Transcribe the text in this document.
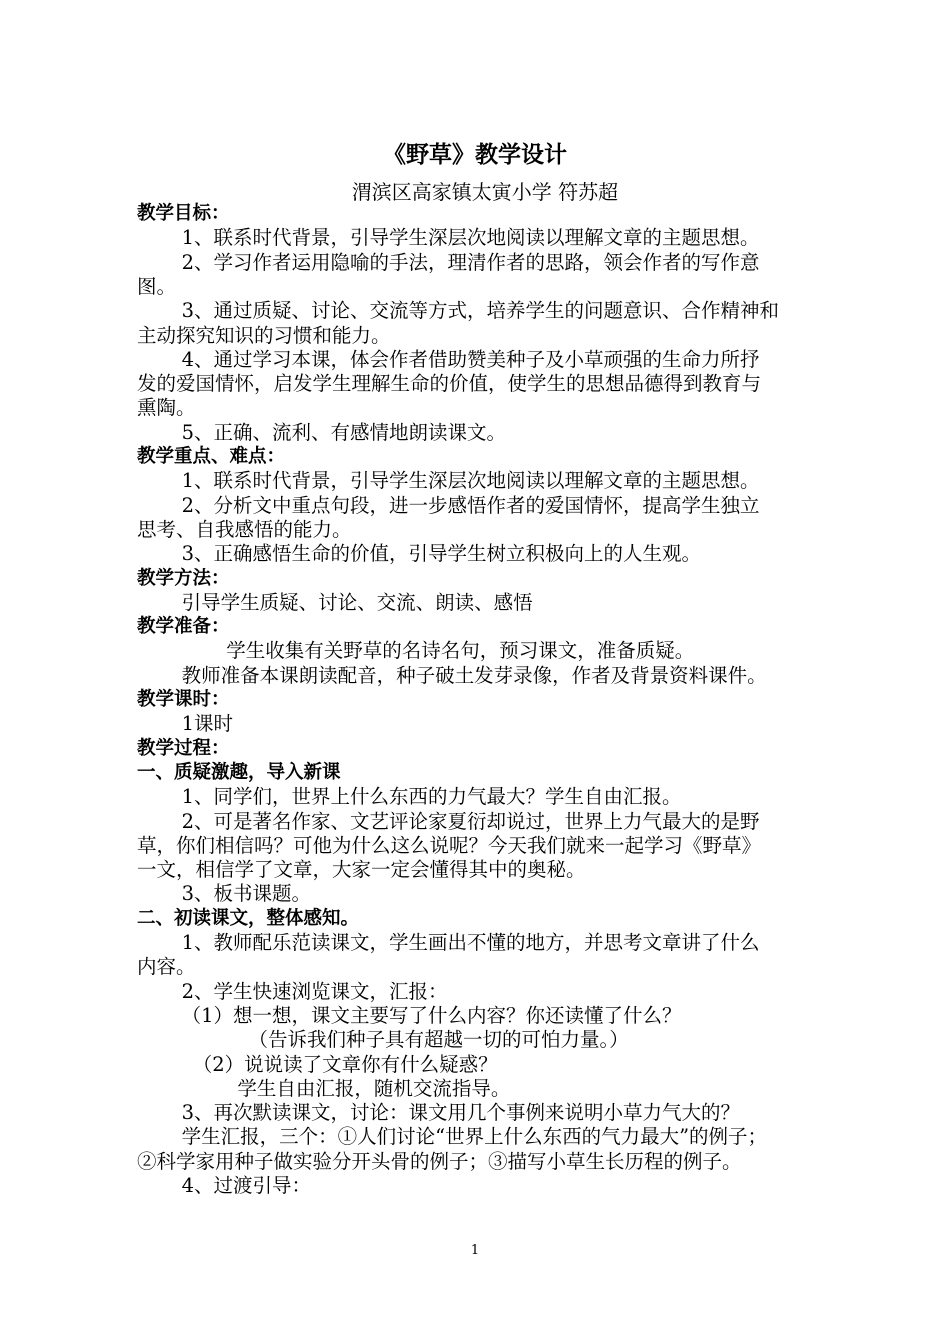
《野草》教学设计
渭滨区高家镇太寅小学 符苏超
教学目标：
1、联系时代背景，引导学生深层次地阅读以理解文章的主题思想。
2、学习作者运用隐喻的手法，理清作者的思路，领会作者的写作意
图。
3、通过质疑、讨论、交流等方式，培养学生的问题意识、合作精神和
主动探究知识的习惯和能力。
4、通过学习本课，体会作者借助赞美种子及小草顽强的生命力所抒
发的爱国情怀，启发学生理解生命的价值，使学生的思想品德得到教育与
熏陶。
5、正确、流利、有感情地朗读课文。
教学重点、难点：
1、联系时代背景，引导学生深层次地阅读以理解文章的主题思想。
2、分析文中重点句段，进一步感悟作者的爱国情怀，提高学生独立
思考、自我感悟的能力。
3、正确感悟生命的价值，引导学生树立积极向上的人生观。
教学方法：
引导学生质疑、讨论、交流、朗读、感悟
教学准备：
学生收集有关野草的名诗名句，预习课文，准备质疑。
教师准备本课朗读配音，种子破土发芽录像，作者及背景资料课件。
教学课时：
1课时
教学过程：
一、质疑激趣，导入新课
1、同学们，世界上什么东西的力气最大？学生自由汇报。
2、可是著名作家、文艺评论家夏衍却说过，世界上力气最大的是野
草，你们相信吗？可他为什么这么说呢？今天我们就来一起学习《野草》
一文，相信学了文章，大家一定会懂得其中的奥秘。
3、板书课题。
二、初读课文，整体感知。
1、教师配乐范读课文，学生画出不懂的地方，并思考文章讲了什么
内容。
2、学生快速浏览课文，汇报：
（1）想一想，课文主要写了什么内容？你还读懂了什么？
（告诉我们种子具有超越一切的可怕力量。）
（2）说说读了文章你有什么疑惑？
学生自由汇报，随机交流指导。
3、再次默读课文，讨论：课文用几个事例来说明小草力气大的？
学生汇报，三个：①人们讨论“世界上什么东西的气力最大”的例子；
②科学家用种子做实验分开头骨的例子；③描写小草生长历程的例子。
4、过渡引导：
1
